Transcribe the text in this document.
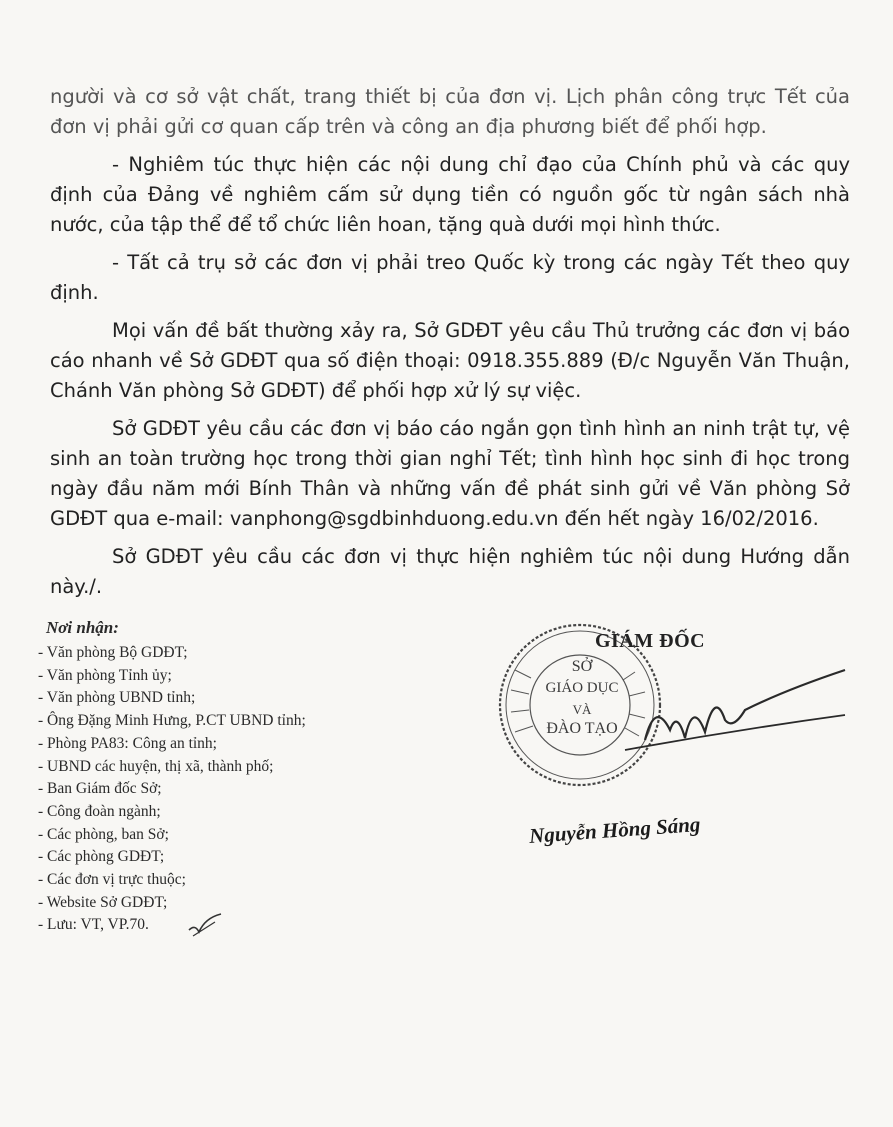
người và cơ sở vật chất, trang thiết bị của đơn vị. Lịch phân công trực Tết của đơn vị phải gửi cơ quan cấp trên và công an địa phương biết để phối hợp.

- Nghiêm túc thực hiện các nội dung chỉ đạo của Chính phủ và các quy định của Đảng về nghiêm cấm sử dụng tiền có nguồn gốc từ ngân sách nhà nước, của tập thể để tổ chức liên hoan, tặng quà dưới mọi hình thức.

- Tất cả trụ sở các đơn vị phải treo Quốc kỳ trong các ngày Tết theo quy định.

Mọi vấn đề bất thường xảy ra, Sở GDĐT yêu cầu Thủ trưởng các đơn vị báo cáo nhanh về Sở GDĐT qua số điện thoại: 0918.355.889 (Đ/c Nguyễn Văn Thuận, Chánh Văn phòng Sở GDĐT) để phối hợp xử lý sự việc.

Sở GDĐT yêu cầu các đơn vị báo cáo ngắn gọn tình hình an ninh trật tự, vệ sinh an toàn trường học trong thời gian nghỉ Tết; tình hình học sinh đi học trong ngày đầu năm mới Bính Thân và những vấn đề phát sinh gửi về Văn phòng Sở GDĐT qua e-mail: vanphong@sgdbinhduong.edu.vn đến hết ngày 16/02/2016.

Sở GDĐT yêu cầu các đơn vị thực hiện nghiêm túc nội dung Hướng dẫn này./.

Nơi nhận:
- Văn phòng Bộ GDĐT;
- Văn phòng Tỉnh ủy;
- Văn phòng UBND tỉnh;
- Ông Đặng Minh Hưng, P.CT UBND tỉnh;
- Phòng PA83: Công an tỉnh;
- UBND các huyện, thị xã, thành phố;
- Ban Giám đốc Sở;
- Công đoàn ngành;
- Các phòng, ban Sở;
- Các phòng GDĐT;
- Các đơn vị trực thuộc;
- Website Sở GDĐT;
- Lưu: VT, VP.70.
SỞ
GIÁO DỤC
VÀ
ĐÀO TẠO
GIÁM ĐỐC
Nguyễn Hồng Sáng
